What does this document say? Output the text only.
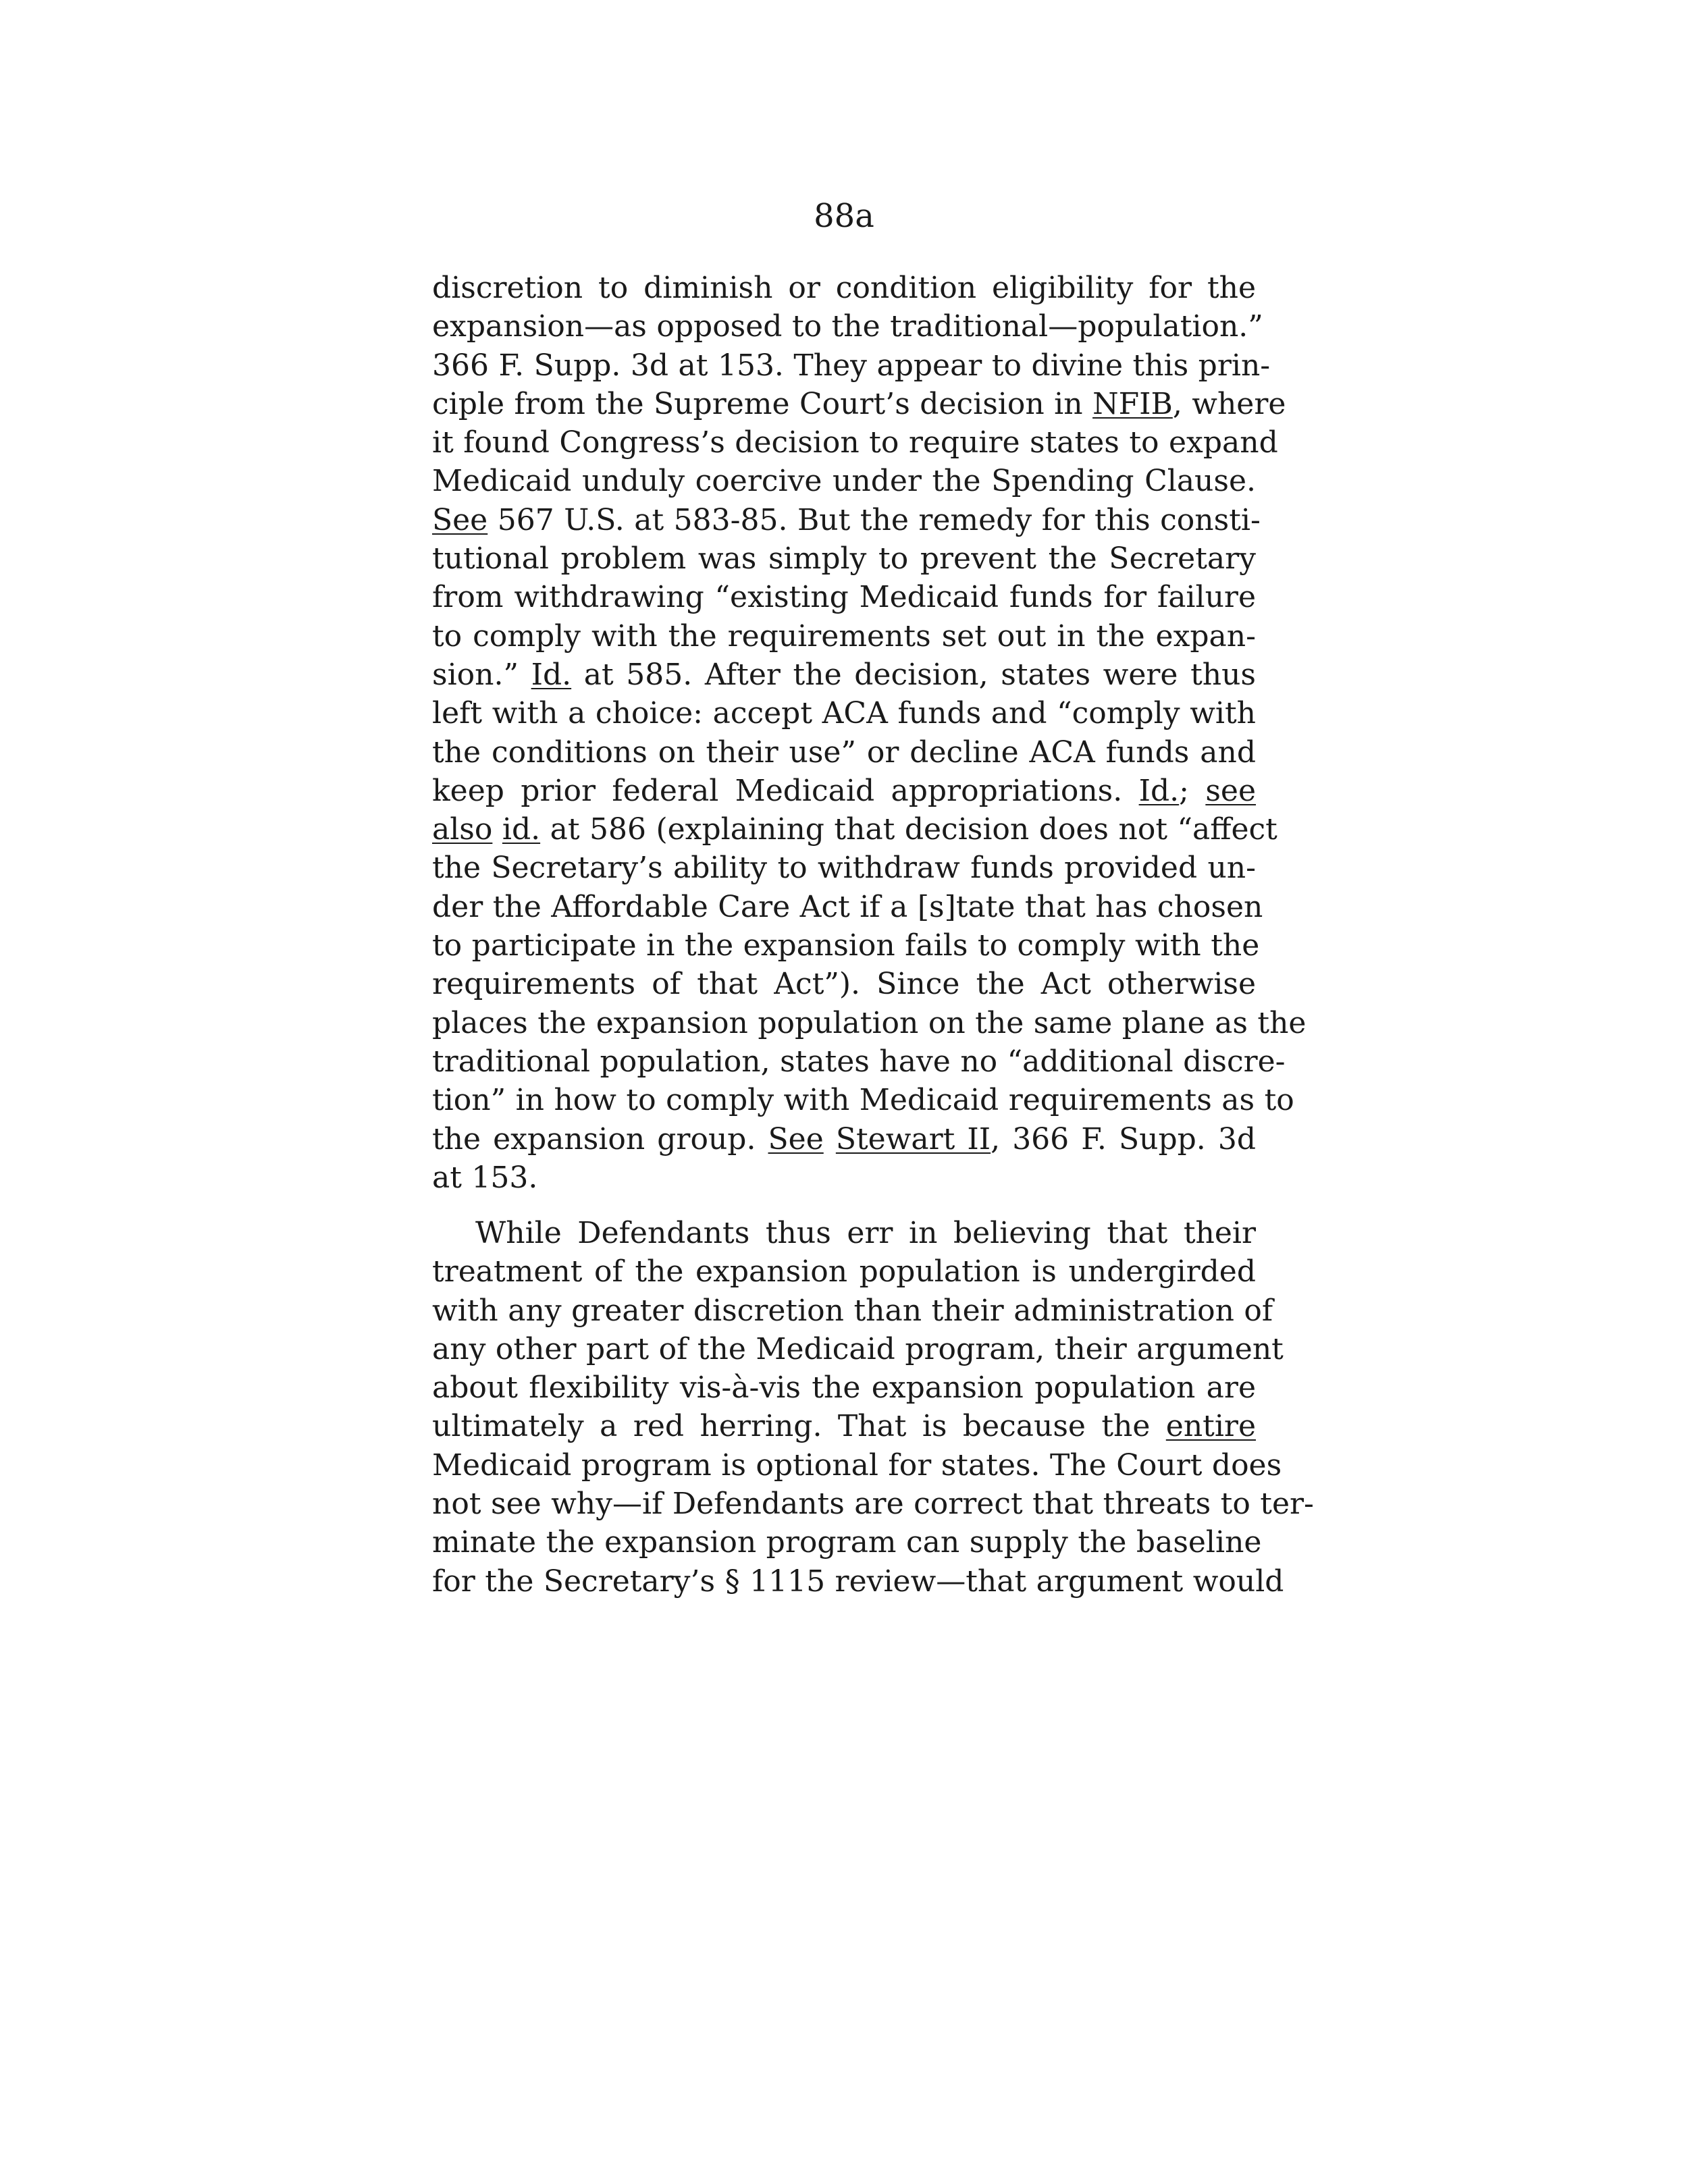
88a
discretion to diminish or condition eligibility for the
expansion—as opposed to the traditional—population.”
366 F. Supp. 3d at 153. They appear to divine this prin-
ciple from the Supreme Court’s decision in NFIB, where
it found Congress’s decision to require states to expand
Medicaid unduly coercive under the Spending Clause.
See 567 U.S. at 583-85. But the remedy for this consti-
tutional problem was simply to prevent the Secretary
from withdrawing “existing Medicaid funds for failure
to comply with the requirements set out in the expan-
sion.” Id. at 585. After the decision, states were thus
left with a choice: accept ACA funds and “comply with
the conditions on their use” or decline ACA funds and
keep prior federal Medicaid appropriations. Id.; see
also id. at 586 (explaining that decision does not “affect
the Secretary’s ability to withdraw funds provided un-
der the Affordable Care Act if a [s]tate that has chosen
to participate in the expansion fails to comply with the
requirements of that Act”). Since the Act otherwise
places the expansion population on the same plane as the
traditional population, states have no “additional discre-
tion” in how to comply with Medicaid requirements as to
the expansion group. See Stewart II, 366 F. Supp. 3d
at 153.
While Defendants thus err in believing that their
treatment of the expansion population is undergirded
with any greater discretion than their administration of
any other part of the Medicaid program, their argument
about flexibility vis-à-vis the expansion population are
ultimately a red herring. That is because the entire
Medicaid program is optional for states. The Court does
not see why—if Defendants are correct that threats to ter-
minate the expansion program can supply the baseline
for the Secretary’s § 1115 review—that argument would
